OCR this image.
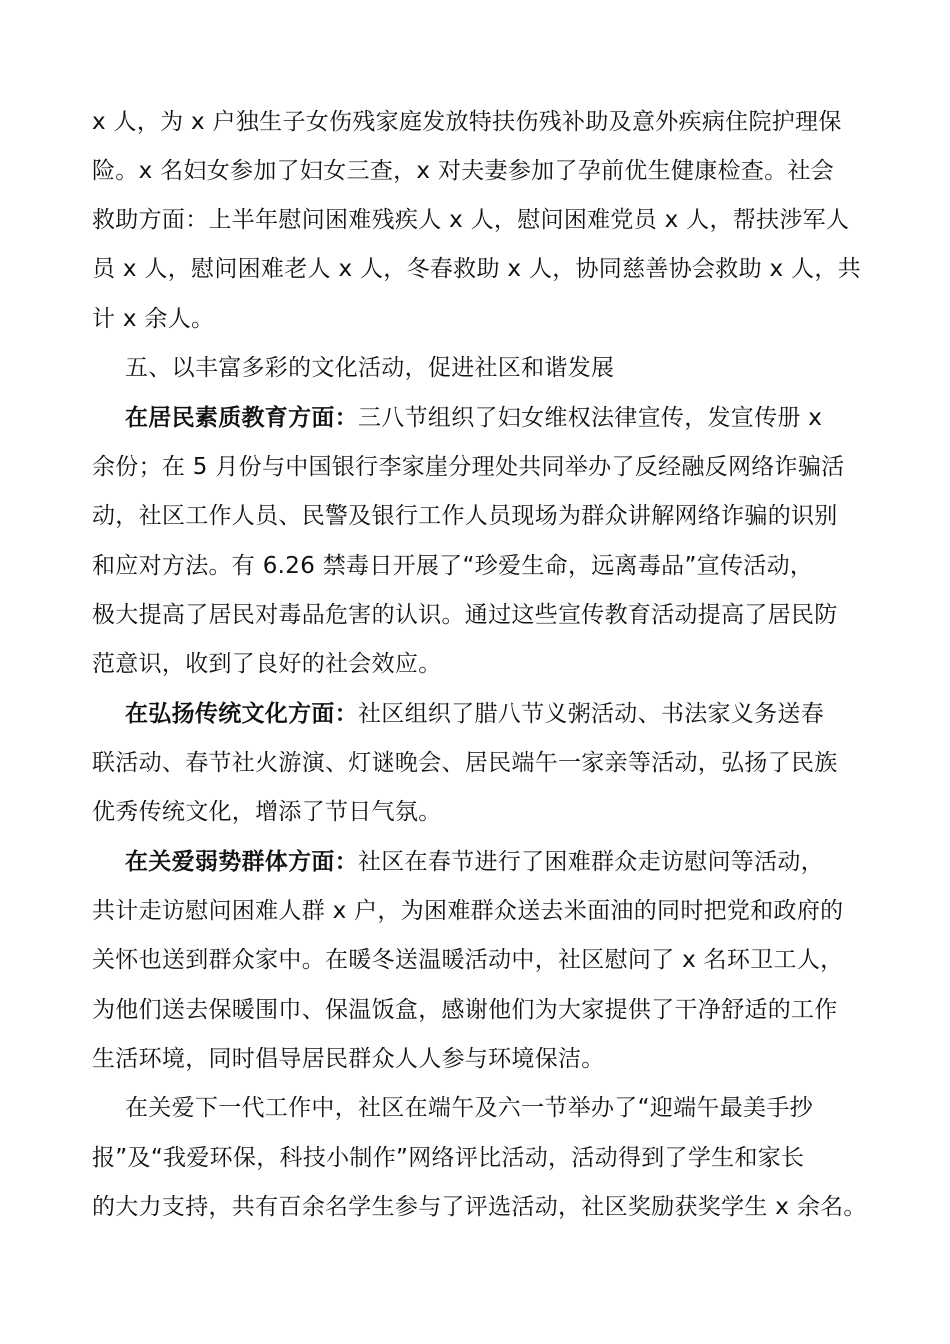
x 人，为 x 户独生子女伤残家庭发放特扶伤残补助及意外疾病住院护理保
险。x 名妇女参加了妇女三查，x 对夫妻参加了孕前优生健康检查。社会
救助方面：上半年慰问困难残疾人 x 人，慰问困难党员 x 人，帮扶涉军人
员 x 人，慰问困难老人 x 人，冬春救助 x 人，协同慈善协会救助 x 人，共
计 x 余人。
五、以丰富多彩的文化活动，促进社区和谐发展
在居民素质教育方面：三八节组织了妇女维权法律宣传，发宣传册 x
余份；在 5 月份与中国银行李家崖分理处共同举办了反经融反网络诈骗活
动，社区工作人员、民警及银行工作人员现场为群众讲解网络诈骗的识别
和应对方法。有 6.26 禁毒日开展了“珍爱生命，远离毒品”宣传活动，
极大提高了居民对毒品危害的认识。通过这些宣传教育活动提高了居民防
范意识，收到了良好的社会效应。
在弘扬传统文化方面：社区组织了腊八节义粥活动、书法家义务送春
联活动、春节社火游演、灯谜晚会、居民端午一家亲等活动，弘扬了民族
优秀传统文化，增添了节日气氛。
在关爱弱势群体方面：社区在春节进行了困难群众走访慰问等活动，
共计走访慰问困难人群 x 户，为困难群众送去米面油的同时把党和政府的
关怀也送到群众家中。在暖冬送温暖活动中，社区慰问了 x 名环卫工人，
为他们送去保暖围巾、保温饭盒，感谢他们为大家提供了干净舒适的工作
生活环境，同时倡导居民群众人人参与环境保洁。
在关爱下一代工作中，社区在端午及六一节举办了“迎端午最美手抄
报”及“我爱环保，科技小制作”网络评比活动，活动得到了学生和家长
的大力支持，共有百余名学生参与了评选活动，社区奖励获奖学生 x 余名。
